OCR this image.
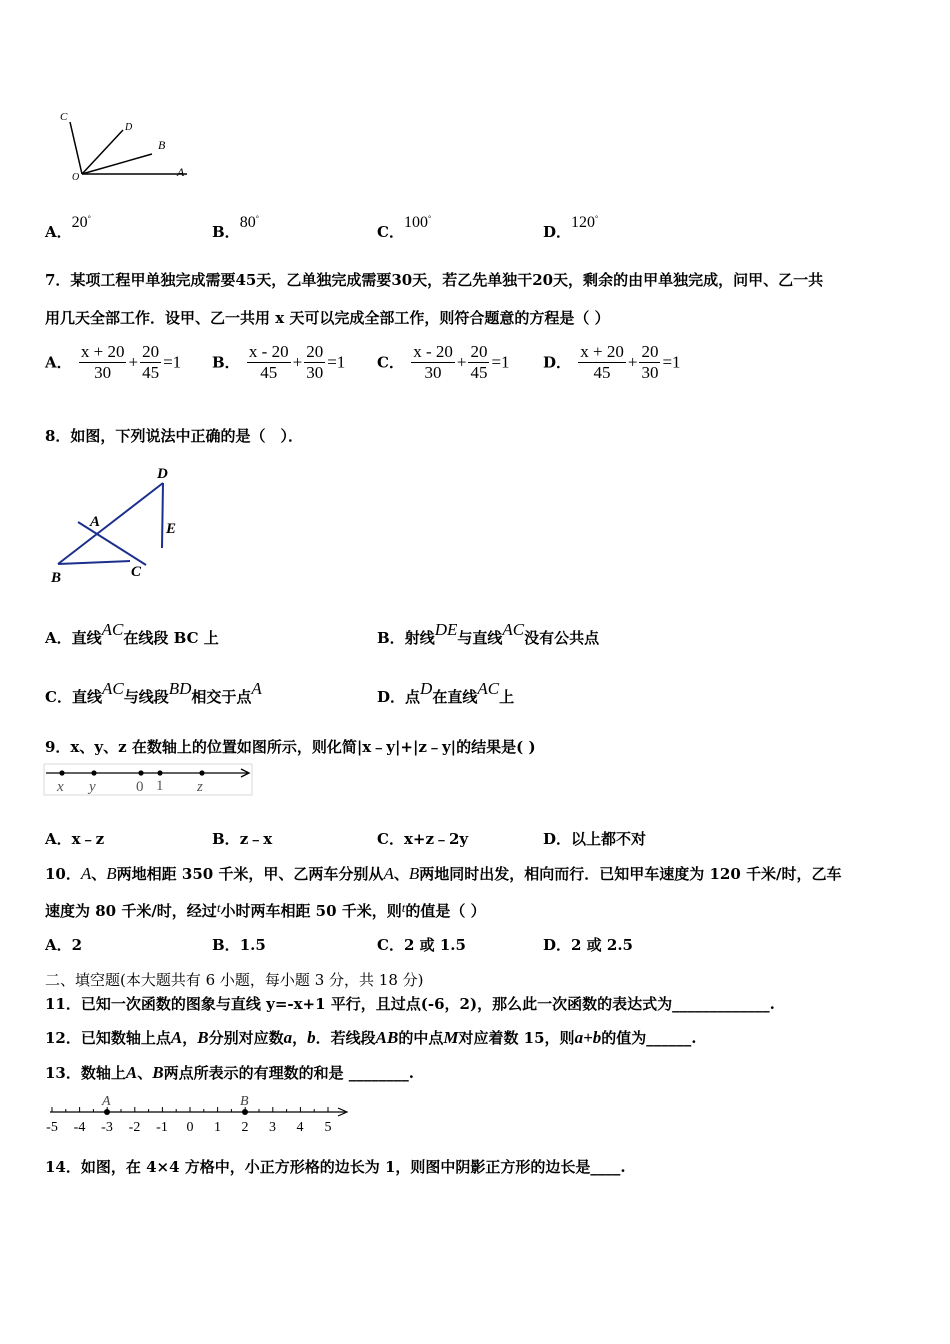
C
D
B
A
O
A．20°
B．80°
C．100°
D．120°
7．某项工程甲单独完成需要45天，乙单独完成需要30天，若乙先单独干20天，剩余的由甲单独完成，问甲、乙一共
用几天全部工作．设甲、乙一共用 x 天可以完成全部工作，则符合题意的方程是（ ）
A． $\frac{x + 20}{30} + \frac{20}{45} =1$ B． $\frac{x - 20}{45} + \frac{20}{30} =1$ C． $\frac{x - 20}{30} + \frac{20}{45} =1$ D． $\frac{x + 20}{45} + \frac{20}{30} =1$
8．如图，下列说法中正确的是（　）．
D
A	E
B	C
A．直线AC在线段 BC 上	B．射线DE与直线AC没有公共点
C．直线AC与线段BD相交于点A	D．点D在直线AC上
9．x、y、z 在数轴上的位置如图所示，则化简|x﹣y|+|z﹣y|的结果是( )
x y	0 1 z
A．x﹣z	B．z﹣x	C．x+z﹣2y	D．以上都不对
10．A、B两地相距 350 千米，甲、乙两车分别从A、B两地同时出发，相向而行．已知甲车速度为 120 千米/时，乙车
速度为 80 千米/时，经过t小时两车相距 50 千米，则t的值是（ ）
A．2	B．1.5	C．2 或 1.5	D．2 或 2.5
二、填空题(本大题共有 6 小题，每小题 3 分，共 18 分)
11．已知一次函数的图象与直线 y=-x+1 平行，且过点(-6，2)，那么此一次函数的表达式为_____________.
12．已知数轴上点A，B分别对应数a，b．若线段AB的中点M对应着数 15，则a+b的值为______.
13．数轴上A、B两点所表示的有理数的和是 ________.
A	B
-5 -4 -3 -2 -1 0 1 2 3 4 5
14．如图，在 4×4 方格中，小正方形格的边长为 1，则图中阴影正方形的边长是____.
